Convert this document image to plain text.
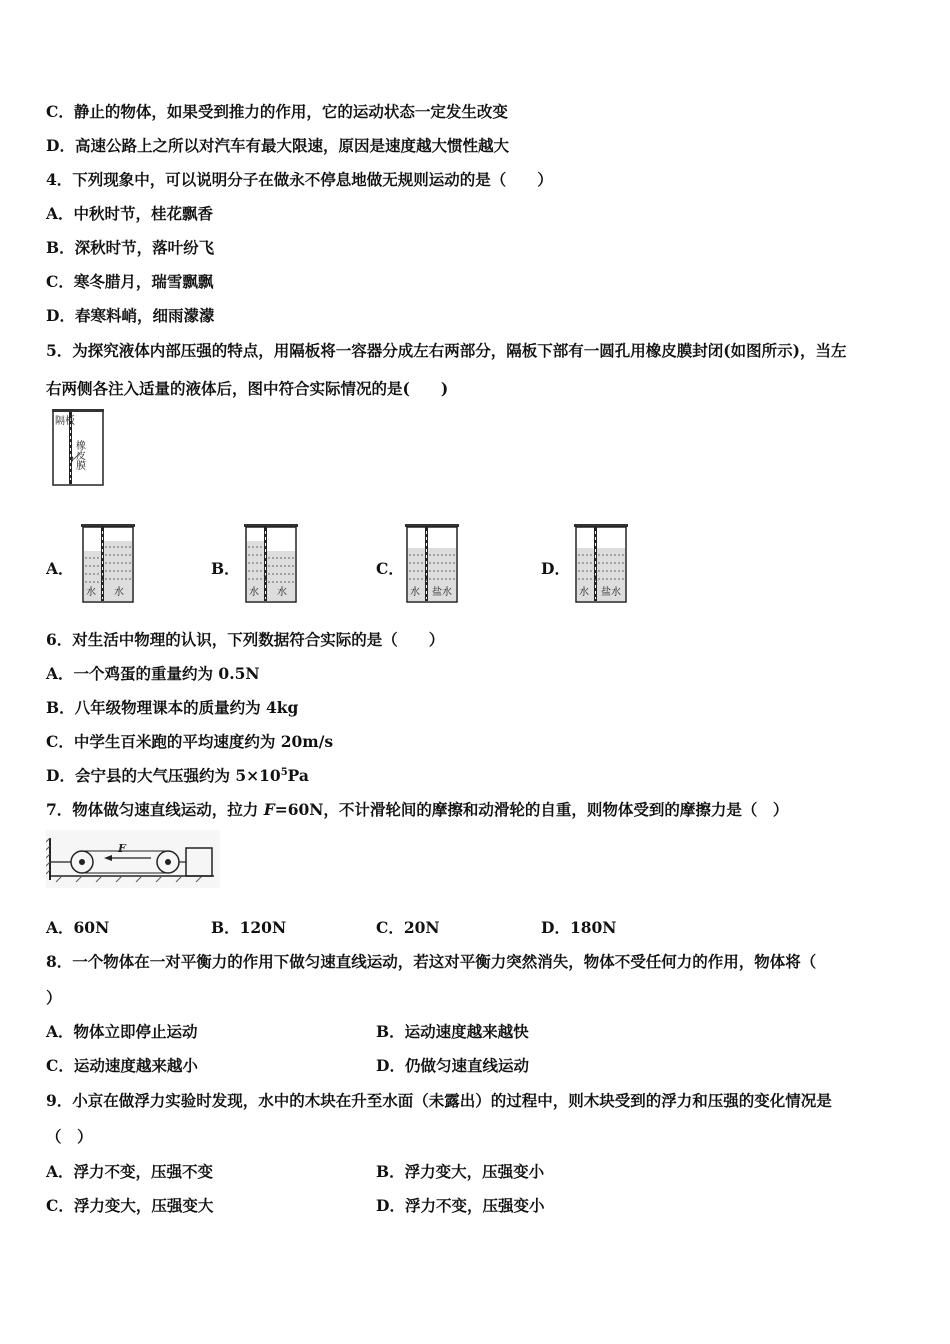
C．静止的物体，如果受到推力的作用，它的运动状态一定发生改变
D．高速公路上之所以对汽车有最大限速，原因是速度越大惯性越大
4．下列现象中，可以说明分子在做永不停息地做无规则运动的是（　　）
A．中秋时节，桂花飘香
B．深秋时节，落叶纷飞
C．寒冬腊月，瑞雪飘飘
D．春寒料峭，细雨濛濛
5．为探究液体内部压强的特点，用隔板将一容器分成左右两部分，隔板下部有一圆孔用橡皮膜封闭(如图所示)，当左
右两侧各注入适量的液体后，图中符合实际情况的是(　　)
隔板
橡皮膜
A．
水 水
B．
水 水
C．
水 盐水
D．
水 盐水
6．对生活中物理的认识，下列数据符合实际的是（　　）
A．一个鸡蛋的重量约为 0.5N
B．八年级物理课本的质量约为 4kg
C．中学生百米跑的平均速度约为 20m/s
D．会宁县的大气压强约为 $5\times 10^5Pa$
7．物体做匀速直线运动，拉力 F=60N，不计滑轮间的摩擦和动滑轮的自重，则物体受到的摩擦力是（　）
F
A．60N	B．120N	C．20N	D．180N
8．一个物体在一对平衡力的作用下做匀速直线运动，若这对平衡力突然消失，物体不受任何力的作用，物体将（
）
A．物体立即停止运动	B．运动速度越来越快
C．运动速度越来越小	D．仍做匀速直线运动
9．小京在做浮力实验时发现，水中的木块在升至水面（未露出）的过程中，则木块受到的浮力和压强的变化情况是
（　）
A．浮力不变，压强不变	B．浮力变大，压强变小
C．浮力变大，压强变大	D．浮力不变，压强变小
